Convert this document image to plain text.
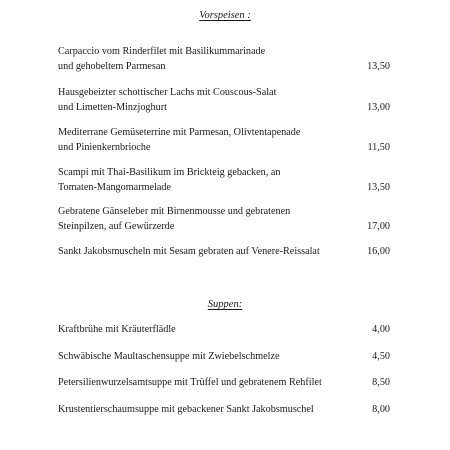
Vorspeisen :
Carpaccio vom Rinderfilet mit Basilikummarinade
und gehobeltem Parmesan	13,50
Hausgebeizter schottischer Lachs mit Couscous-Salat
und Limetten-Minzjoghurt	13,00
Mediterrane Gemüseterrine mit Parmesan, Olivtentapenade
und Pinienkernbrioche	11,50
Scampi mit Thai-Basilikum im Brickteig gebacken, an
Tomaten-Mangomarmelade	13,50
Gebratene Gänseleber mit Birnenmousse und gebratenen
Steinpilzen, auf Gewürzerde	17,00
Sankt Jakobsmuscheln mit Sesam gebraten auf Venere-Reissalat	16,00
Suppen:
Kraftbrühe mit Kräuterflädle	4,00
Schwäbische Maultaschensuppe mit Zwiebelschmelze	4,50
Petersilienwurzelsamtsuppe mit Trüffel und gebratenem Rehfilet	8,50
Krustentierschaumsuppe mit gebackener Sankt Jakobsmuschel	8,00
